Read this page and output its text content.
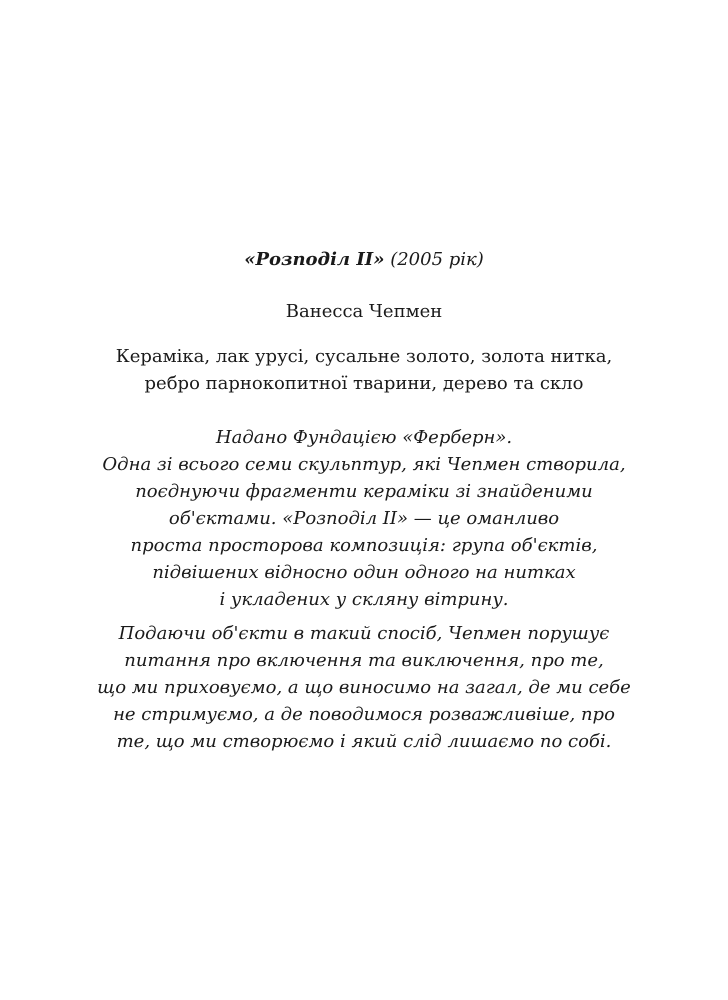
«Розподіл ІІ» (2005 рік)
Ванесса Чепмен
Кераміка, лак урусі, сусальне золото, золота нитка,
ребро парнокопитної тварини, дерево та скло
Надано Фундацією «Ферберн».
Одна зі всього семи скульптур, які Чепмен створила,
поєднуючи фрагменти кераміки зі знайденими
об'єктами. «Розподіл ІІ» — це оманливо
проста просторова композиція: група об'єктів,
підвішених відносно один одного на нитках
і укладених у скляну вітрину.
Подаючи об'єкти в такий спосіб, Чепмен порушує
питання про включення та виключення, про те,
що ми приховуємо, а що виносимо на загал, де ми себе
не стримуємо, а де поводимося розважливіше, про
те, що ми створюємо і який слід лишаємо по собі.
